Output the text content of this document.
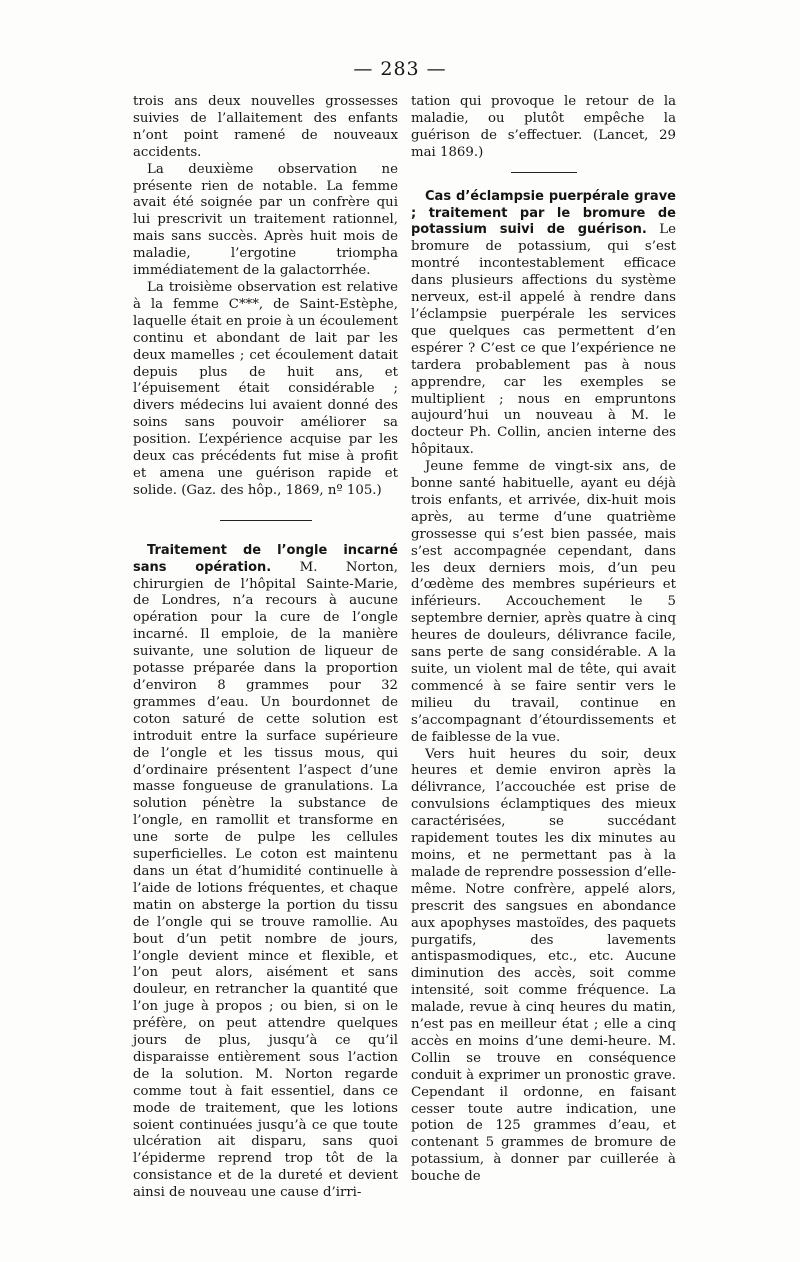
— 283 —

trois ans deux nouvelles grossesses suivies de l’allaitement des enfants n’ont point ramené de nouveaux accidents.

La deuxième observation ne présente rien de notable. La femme avait été soignée par un confrère qui lui prescrivit un traitement rationnel, mais sans succès. Après huit mois de maladie, l’ergotine triompha immédiatement de la galactorrhée.

La troisième observation est relative à la femme C***, de Saint-Estèphe, laquelle était en proie à un écoulement continu et abondant de lait par les deux mamelles ; cet écoulement datait depuis plus de huit ans, et l’épuisement était considérable ; divers médecins lui avaient donné des soins sans pouvoir améliorer sa position. L’expérience acquise par les deux cas précédents fut mise à profit et amena une guérison rapide et solide. (Gaz. des hôp., 1869, nº 105.)

Traitement de l’ongle incarné sans opération. M. Norton, chirurgien de l’hôpital Sainte-Marie, de Londres, n’a recours à aucune opération pour la cure de l’ongle incarné. Il emploie, de la manière suivante, une solution de liqueur de potasse préparée dans la proportion d’environ 8 grammes pour 32 grammes d’eau. Un bourdonnet de coton saturé de cette solution est introduit entre la surface supérieure de l’ongle et les tissus mous, qui d’ordinaire présentent l’aspect d’une masse fongueuse de granulations. La solution pénètre la substance de l’ongle, en ramollit et transforme en une sorte de pulpe les cellules superficielles. Le coton est maintenu dans un état d’humidité continuelle à l’aide de lotions fréquentes, et chaque matin on absterge la portion du tissu de l’ongle qui se trouve ramollie. Au bout d’un petit nombre de jours, l’ongle devient mince et flexible, et l’on peut alors, aisément et sans douleur, en retrancher la quantité que l’on juge à propos ; ou bien, si on le préfère, on peut attendre quelques jours de plus, jusqu’à ce qu’il disparaisse entièrement sous l’action de la solution. M. Norton regarde comme tout à fait essentiel, dans ce mode de traitement, que les lotions soient continuées jusqu’à ce que toute ulcération ait disparu, sans quoi l’épiderme reprend trop tôt de la consistance et de la dureté et devient ainsi de nouveau une cause d’irri-

tation qui provoque le retour de la maladie, ou plutôt empêche la guérison de s’effectuer. (Lancet, 29 mai 1869.)

Cas d’éclampsie puerpérale grave ; traitement par le bromure de potassium suivi de guérison. Le bromure de potassium, qui s’est montré incontestablement efficace dans plusieurs affections du système nerveux, est-il appelé à rendre dans l’éclampsie puerpérale les services que quelques cas permettent d’en espérer ? C’est ce que l’expérience ne tardera probablement pas à nous apprendre, car les exemples se multiplient ; nous en empruntons aujourd’hui un nouveau à M. le docteur Ph. Collin, ancien interne des hôpitaux.

Jeune femme de vingt-six ans, de bonne santé habituelle, ayant eu déjà trois enfants, et arrivée, dix-huit mois après, au terme d’une quatrième grossesse qui s’est bien passée, mais s’est accompagnée cependant, dans les deux derniers mois, d’un peu d’œdème des membres supérieurs et inférieurs. Accouchement le 5 septembre dernier, après quatre à cinq heures de douleurs, délivrance facile, sans perte de sang considérable. A la suite, un violent mal de tête, qui avait commencé à se faire sentir vers le milieu du travail, continue en s’accompagnant d’étourdissements et de faiblesse de la vue.

Vers huit heures du soir, deux heures et demie environ après la délivrance, l’accouchée est prise de convulsions éclamptiques des mieux caractérisées, se succédant rapidement toutes les dix minutes au moins, et ne permettant pas à la malade de reprendre possession d’elle-même. Notre confrère, appelé alors, prescrit des sangsues en abondance aux apophyses mastoïdes, des paquets purgatifs, des lavements antispasmodiques, etc., etc. Aucune diminution des accès, soit comme intensité, soit comme fréquence. La malade, revue à cinq heures du matin, n’est pas en meilleur état ; elle a cinq accès en moins d’une demi-heure. M. Collin se trouve en conséquence conduit à exprimer un pronostic grave. Cependant il ordonne, en faisant cesser toute autre indication, une potion de 125 grammes d’eau, et contenant 5 grammes de bromure de potassium, à donner par cuillerée à bouche de
